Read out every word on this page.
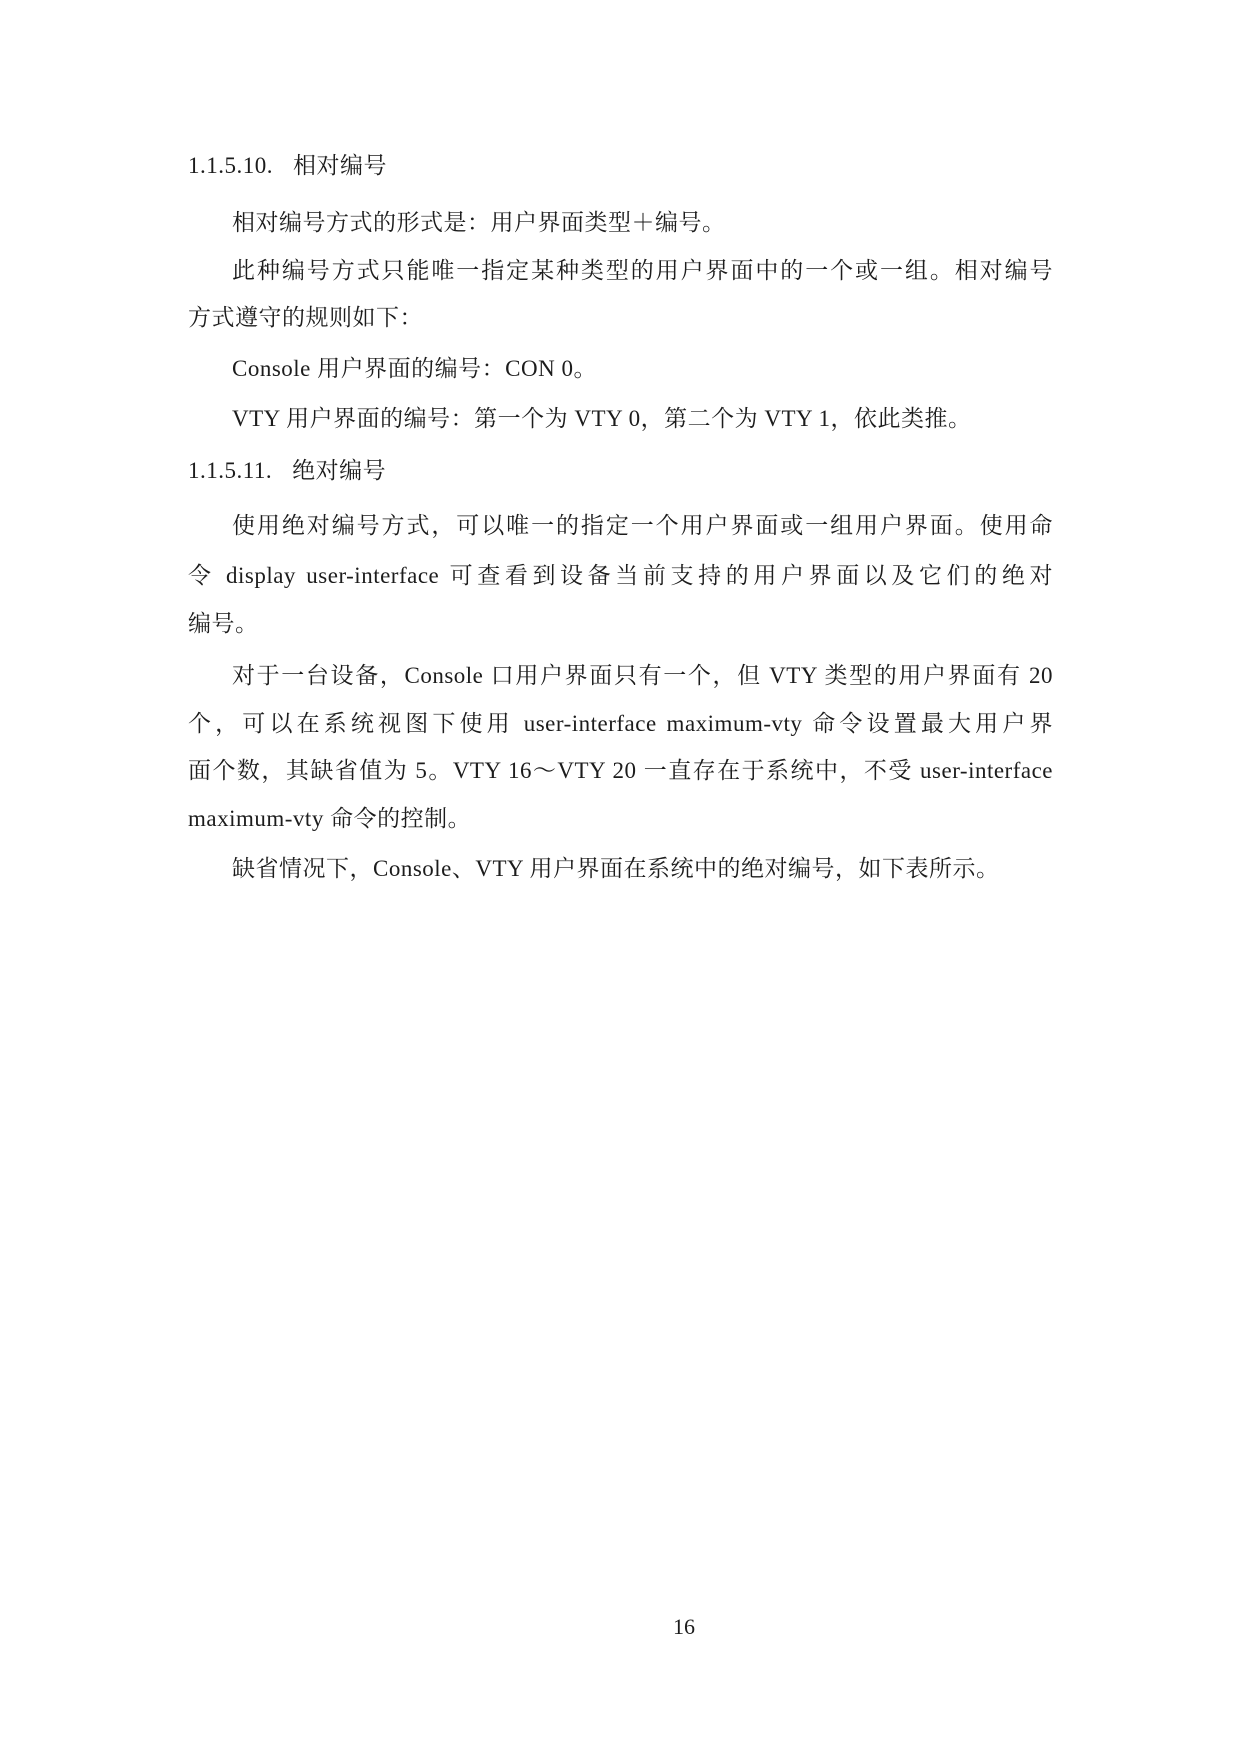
1.1.5.10. 相对编号
相对编号方式的形式是：用户界面类型＋编号。
此种编号方式只能唯一指定某种类型的用户界面中的一个或一组。相对编号
方式遵守的规则如下：
Console 用户界面的编号：CON 0。
VTY 用户界面的编号：第一个为 VTY 0，第二个为 VTY 1，依此类推。
1.1.5.11. 绝对编号
使用绝对编号方式，可以唯一的指定一个用户界面或一组用户界面。使用命
令 display user-interface 可查看到设备当前支持的用户界面以及它们的绝对
编号。
对于一台设备，Console 口用户界面只有一个，但 VTY 类型的用户界面有 20
个，可以在系统视图下使用 user-interface maximum-vty 命令设置最大用户界
面个数，其缺省值为 5。VTY 16～VTY 20 一直存在于系统中，不受 user-interface
maximum-vty 命令的控制。
缺省情况下，Console、VTY 用户界面在系统中的绝对编号，如下表所示。
16
